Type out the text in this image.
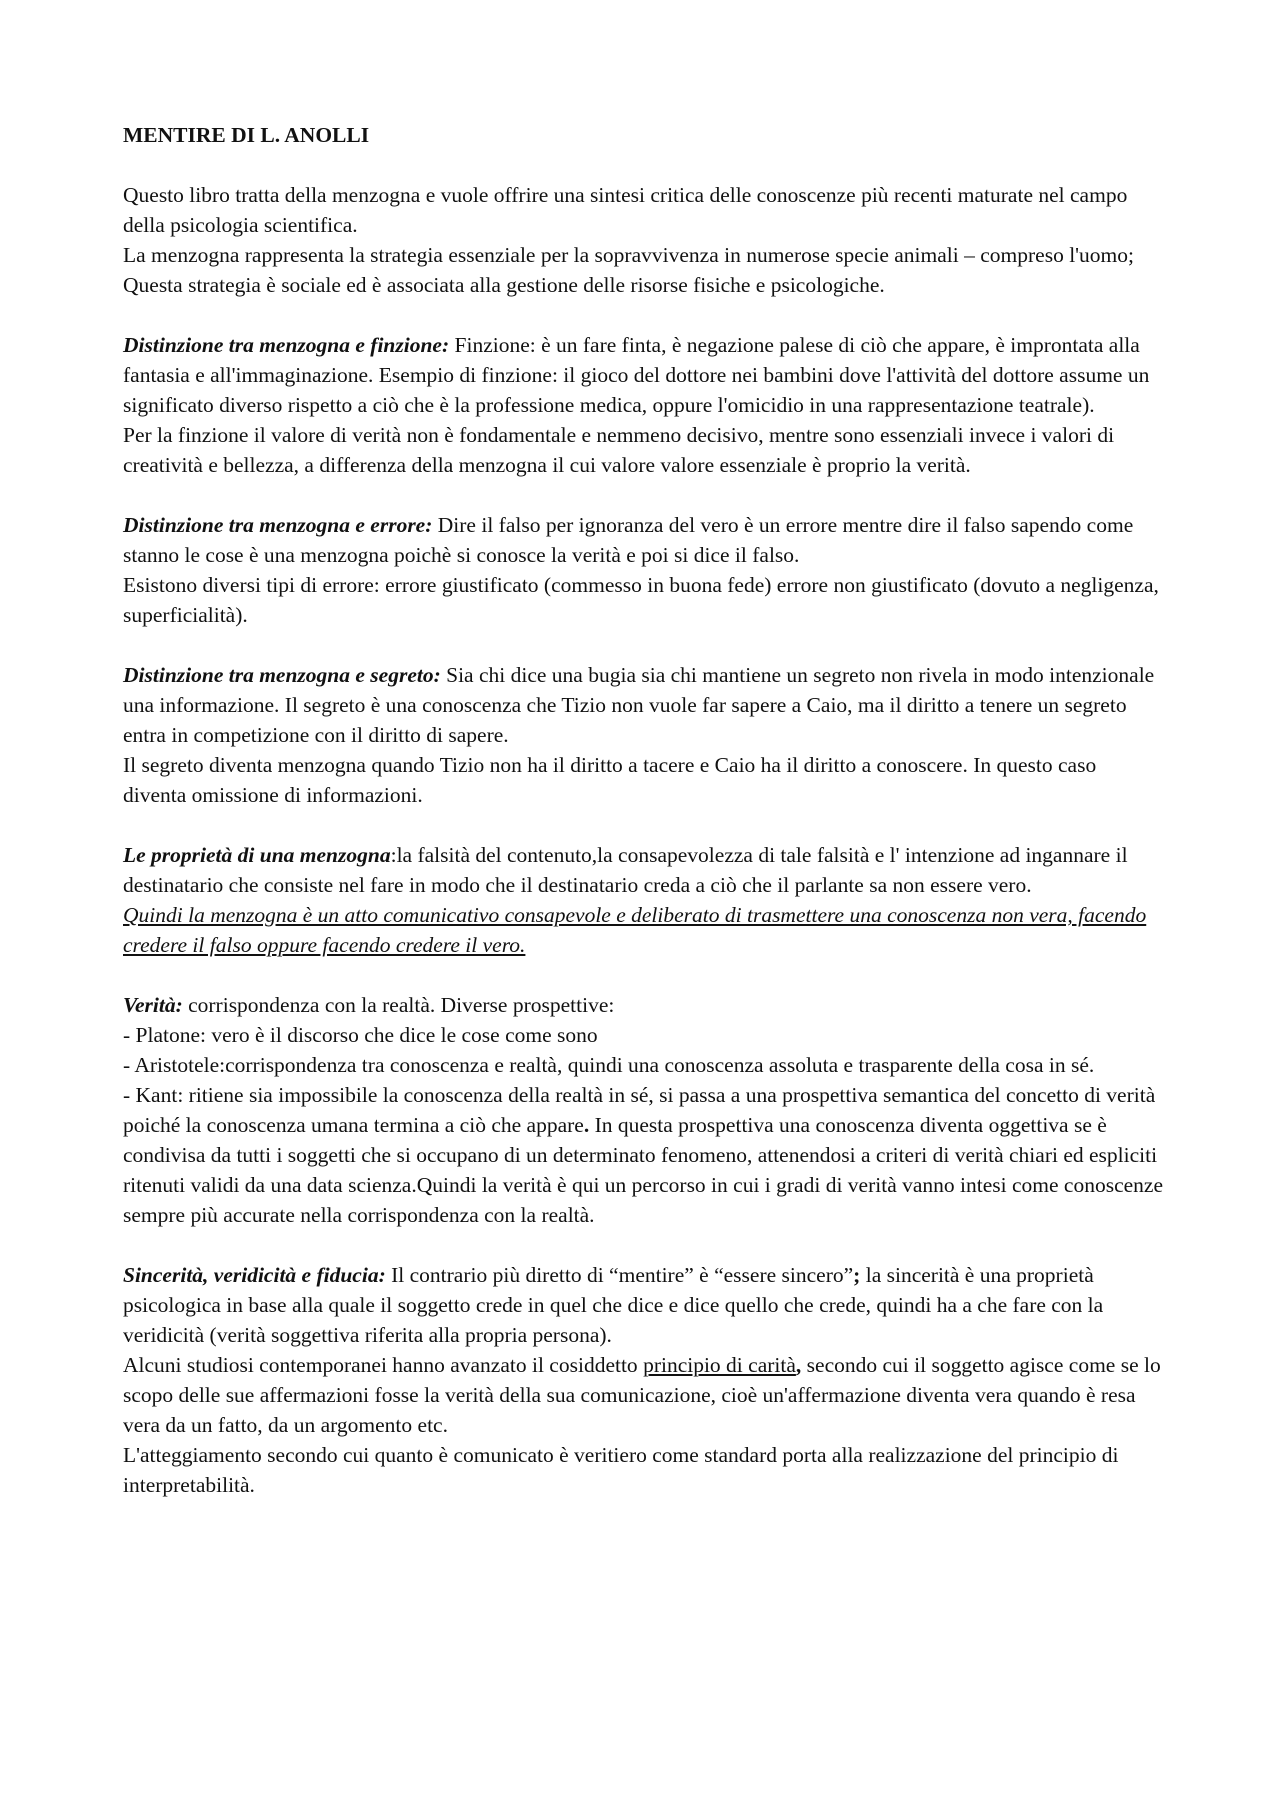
MENTIRE DI L. ANOLLI

Questo libro tratta della menzogna e vuole offrire una sintesi critica delle conoscenze più recenti maturate nel campo della psicologia scientifica.

La menzogna rappresenta la strategia essenziale per la sopravvivenza in numerose specie animali – compreso l'uomo; Questa strategia è sociale ed è associata alla gestione delle risorse fisiche e psicologiche.

Distinzione tra menzogna e finzione: Finzione: è un fare finta, è negazione palese di ciò che appare, è improntata alla fantasia e all'immaginazione. Esempio di finzione: il gioco del dottore nei bambini dove l'attività del dottore assume un significato diverso rispetto a ciò che è la professione medica, oppure l'omicidio in una rappresentazione teatrale).

Per la finzione il valore di verità non è fondamentale e nemmeno decisivo, mentre sono essenziali invece i valori di creatività e bellezza, a differenza della menzogna il cui valore valore essenziale è proprio la verità.

Distinzione tra menzogna e errore: Dire il falso per ignoranza del vero è un errore mentre dire il falso sapendo come stanno le cose è una menzogna poichè si conosce la verità e poi si dice il falso.

Esistono diversi tipi di errore: errore giustificato (commesso in buona fede) errore non giustificato (dovuto a negligenza, superficialità).

Distinzione tra menzogna e segreto: Sia chi dice una bugia sia chi mantiene un segreto non rivela in modo intenzionale una informazione. Il segreto è una conoscenza che Tizio non vuole far sapere a Caio, ma il diritto a tenere un segreto entra in competizione con il diritto di sapere.

Il segreto diventa menzogna quando Tizio non ha il diritto a tacere e Caio ha il diritto a conoscere. In questo caso diventa omissione di informazioni.

Le proprietà di una menzogna:la falsità del contenuto,la consapevolezza di tale falsità e l' intenzione ad ingannare il destinatario che consiste nel fare in modo che il destinatario creda a ciò che il parlante sa non essere vero.

Quindi la menzogna è un atto comunicativo consapevole e deliberato di trasmettere una conoscenza non vera, facendo credere il falso oppure facendo credere il vero.

Verità: corrispondenza con la realtà. Diverse prospettive:

- Platone: vero è il discorso che dice le cose come sono

- Aristotele:corrispondenza tra conoscenza e realtà, quindi una conoscenza assoluta e trasparente della cosa in sé.

- Kant: ritiene sia impossibile la conoscenza della realtà in sé, si passa a una prospettiva semantica del concetto di verità poiché la conoscenza umana termina a ciò che appare. In questa prospettiva una conoscenza diventa oggettiva se è condivisa da tutti i soggetti che si occupano di un determinato fenomeno, attenendosi a criteri di verità chiari ed espliciti ritenuti validi da una data scienza.Quindi la verità è qui un percorso in cui i gradi di verità vanno intesi come conoscenze sempre più accurate nella corrispondenza con la realtà.

Sincerità, veridicità e fiducia: Il contrario più diretto di “mentire” è “essere sincero”; la sincerità è una proprietà psicologica in base alla quale il soggetto crede in quel che dice e dice quello che crede, quindi ha a che fare con la veridicità (verità soggettiva riferita alla propria persona).

Alcuni studiosi contemporanei hanno avanzato il cosiddetto principio di carità, secondo cui il soggetto agisce come se lo scopo delle sue affermazioni fosse la verità della sua comunicazione, cioè un'affermazione diventa vera quando è resa vera da un fatto, da un argomento etc.

L'atteggiamento secondo cui quanto è comunicato è veritiero come standard porta alla realizzazione del principio di interpretabilità.
